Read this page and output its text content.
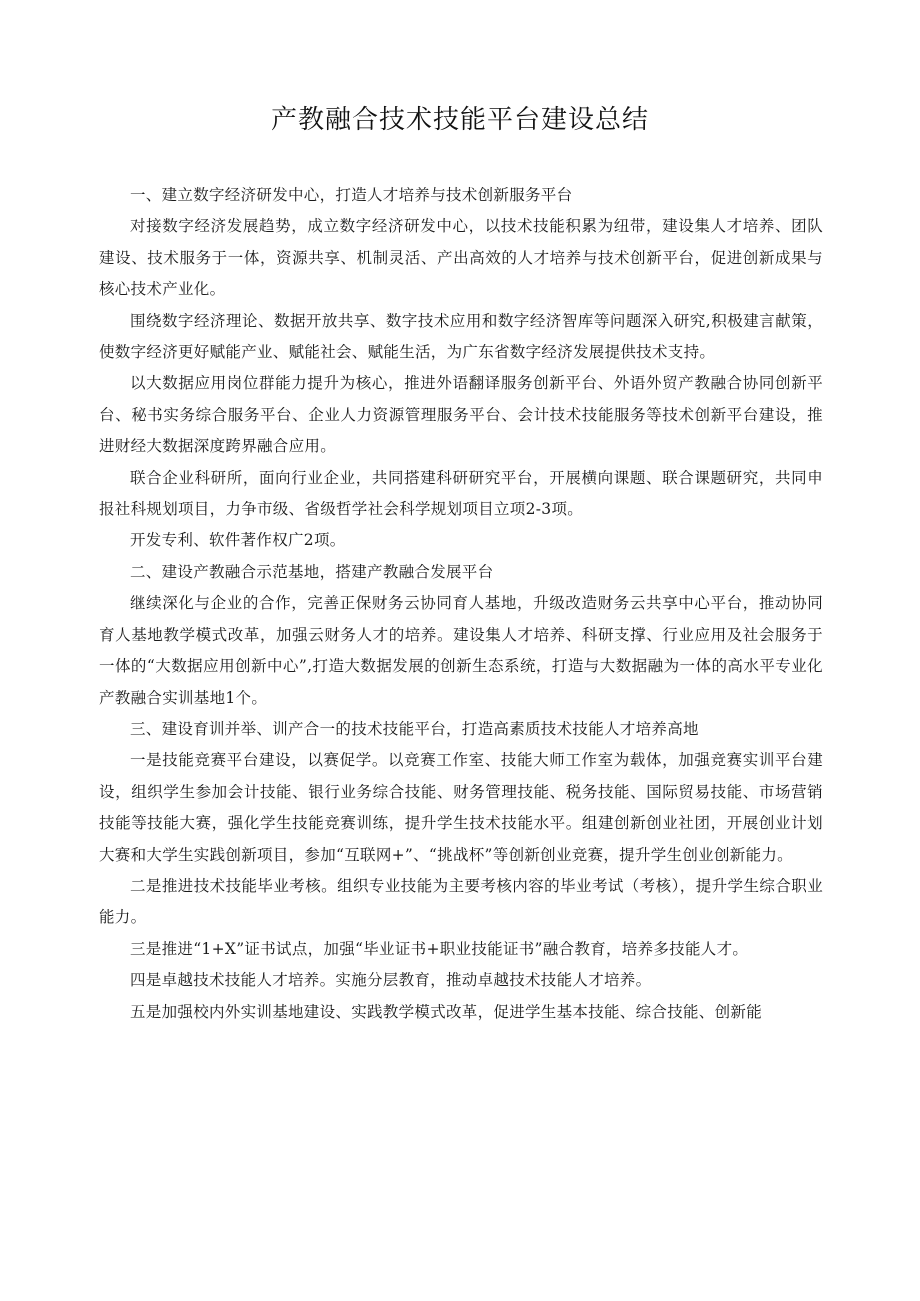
产教融合技术技能平台建设总结

一、建立数字经济研发中心，打造人才培养与技术创新服务平台

对接数字经济发展趋势，成立数字经济研发中心，以技术技能积累为纽带，建设集人才培养、团队建设、技术服务于一体，资源共享、机制灵活、产出高效的人才培养与技术创新平台，促进创新成果与核心技术产业化。

围绕数字经济理论、数据开放共享、数字技术应用和数字经济智库等问题深入研究,积极建言献策，使数字经济更好赋能产业、赋能社会、赋能生活，为广东省数字经济发展提供技术支持。

以大数据应用岗位群能力提升为核心，推进外语翻译服务创新平台、外语外贸产教融合协同创新平台、秘书实务综合服务平台、企业人力资源管理服务平台、会计技术技能服务等技术创新平台建设，推进财经大数据深度跨界融合应用。

联合企业科研所，面向行业企业，共同搭建科研研究平台，开展横向课题、联合课题研究，共同申报社科规划项目，力争市级、省级哲学社会科学规划项目立项2-3项。

开发专利、软件著作权广2项。

二、建设产教融合示范基地，搭建产教融合发展平台

继续深化与企业的合作，完善正保财务云协同育人基地，升级改造财务云共享中心平台，推动协同育人基地教学模式改革，加强云财务人才的培养。建设集人才培养、科研支撑、行业应用及社会服务于一体的“大数据应用创新中心”,打造大数据发展的创新生态系统，打造与大数据融为一体的高水平专业化产教融合实训基地1个。

三、建设育训并举、训产合一的技术技能平台，打造高素质技术技能人才培养高地

一是技能竞赛平台建设，以赛促学。以竞赛工作室、技能大师工作室为载体，加强竞赛实训平台建设，组织学生参加会计技能、银行业务综合技能、财务管理技能、税务技能、国际贸易技能、市场营销技能等技能大赛，强化学生技能竞赛训练，提升学生技术技能水平。组建创新创业社团，开展创业计划大赛和大学生实践创新项目，参加“互联网+”、“挑战杯”等创新创业竞赛，提升学生创业创新能力。

二是推进技术技能毕业考核。组织专业技能为主要考核内容的毕业考试（考核），提升学生综合职业能力。

三是推进“1+X”证书试点，加强“毕业证书+职业技能证书”融合教育，培养多技能人才。

四是卓越技术技能人才培养。实施分层教育，推动卓越技术技能人才培养。

五是加强校内外实训基地建设、实践教学模式改革，促进学生基本技能、综合技能、创新能
